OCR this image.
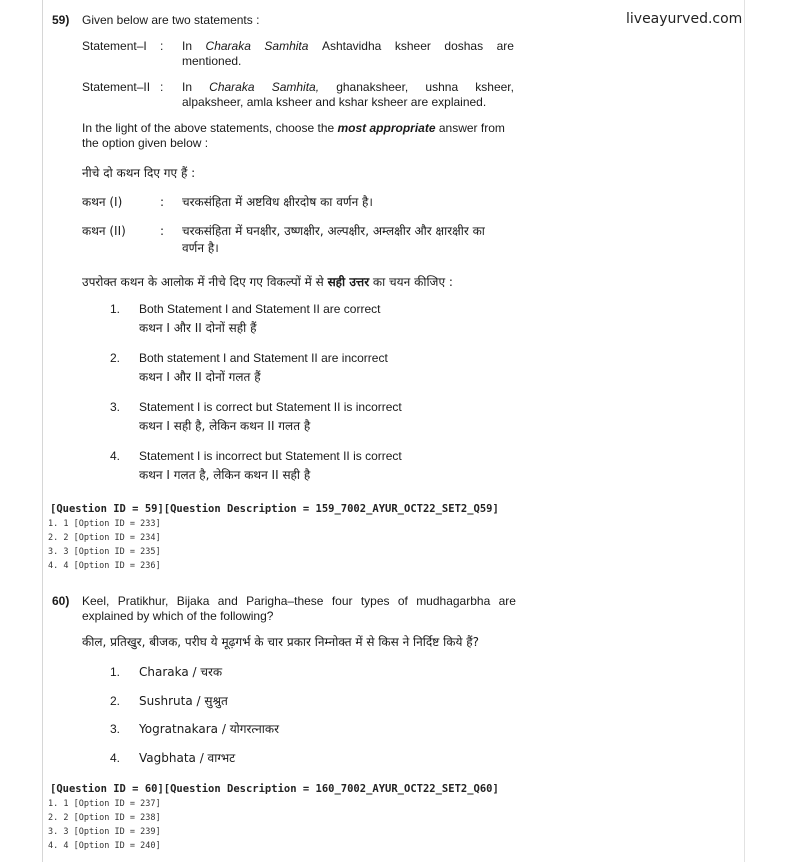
liveayurved.com
59) Given below are two statements :
Statement–I : In Charaka Samhita Ashtavidha ksheer doshas are
mentioned.
Statement–II : In Charaka Samhita, ghanaksheer, ushna ksheer,
alpaksheer, amla ksheer and kshar ksheer are explained.
In the light of the above statements, choose the most appropriate answer from
the option given below :
नीचे दो कथन दिए गए हैं :
कथन (I)	: चरकसंहिता में अष्टविध क्षीरदोष का वर्णन है।
कथन (II)	: चरकसंहिता में घनक्षीर, उष्णक्षीर, अल्पक्षीर, अम्लक्षीर और क्षारक्षीर का
वर्णन है।
उपरोक्त कथन के आलोक में नीचे दिए गए विकल्पों में से सही उत्तर का चयन कीजिए :
1. Both Statement I and Statement II are correct
कथन I और II दोनों सही हैं
2. Both statement I and Statement II are incorrect
कथन I और II दोनों गलत हैं
3. Statement I is correct but Statement II is incorrect
कथन I सही है, लेकिन कथन II गलत है
4. Statement I is incorrect but Statement II is correct
कथन I गलत है, लेकिन कथन II सही है
[Question ID = 59][Question Description = 159_7002_AYUR_OCT22_SET2_Q59]
1. 1 [Option ID = 233]
2. 2 [Option ID = 234]
3. 3 [Option ID = 235]
4. 4 [Option ID = 236]
60) Keel, Pratikhur, Bijaka and Parigha–these four types of mudhagarbha are
explained by which of the following?
कील, प्रतिखुर, बीजक, परीघ ये मूढ़गर्भ के चार प्रकार निम्नोक्त में से किस ने निर्दिष्ट किये हैं?
1. Charaka / चरक
2. Sushruta / सुश्रुत
3. Yogratnakara / योगरत्नाकर
4. Vagbhata / वाग्भट
[Question ID = 60][Question Description = 160_7002_AYUR_OCT22_SET2_Q60]
1. 1 [Option ID = 237]
2. 2 [Option ID = 238]
3. 3 [Option ID = 239]
4. 4 [Option ID = 240]
